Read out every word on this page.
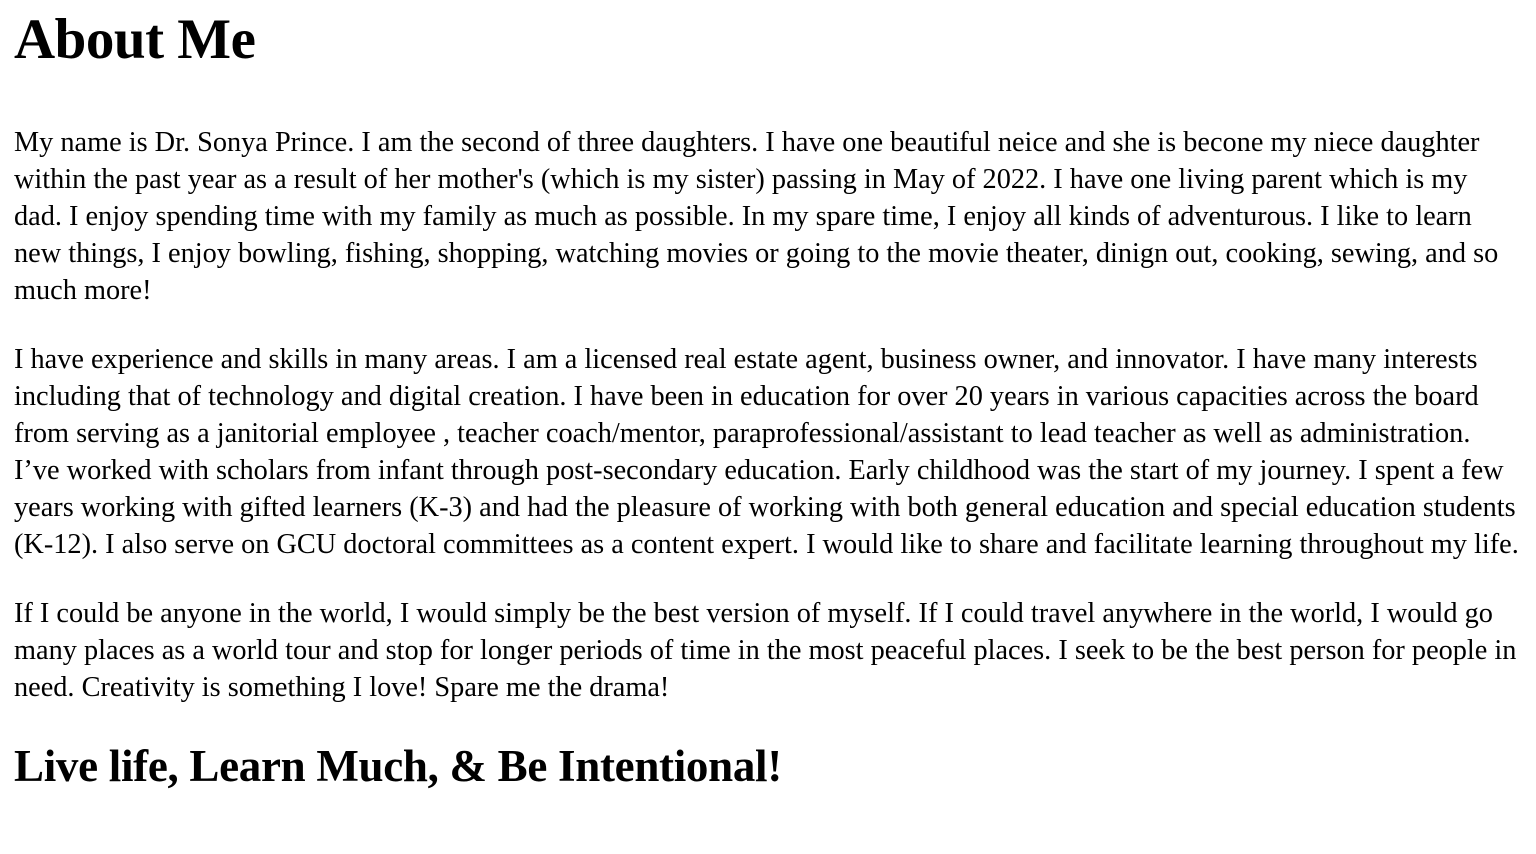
About Me

My name is Dr. Sonya Prince. I am the second of three daughters. I have one beautiful neice and she is becone my niece daughter within the past year as a result of her mother's (which is my sister) passing in May of 2022. I have one living parent which is my dad. I enjoy spending time with my family as much as possible. In my spare time, I enjoy all kinds of adventurous. I like to learn new things, I enjoy bowling, fishing, shopping, watching movies or going to the movie theater, dinign out, cooking, sewing, and so much more!

I have experience and skills in many areas. I am a licensed real estate agent, business owner, and innovator. I have many interests including that of technology and digital creation. I have been in education for over 20 years in various capacities across the board from serving as a janitorial employee , teacher coach/mentor, paraprofessional/assistant to lead teacher as well as administration. I’ve worked with scholars from infant through post-secondary education. Early childhood was the start of my journey. I spent a few years working with gifted learners (K-3) and had the pleasure of working with both general education and special education students (K-12). I also serve on GCU doctoral committees as a content expert. I would like to share and facilitate learning throughout my life.

If I could be anyone in the world, I would simply be the best version of myself. If I could travel anywhere in the world, I would go many places as a world tour and stop for longer periods of time in the most peaceful places. I seek to be the best person for people in need. Creativity is something I love! Spare me the drama!

Live life, Learn Much, & Be Intentional!
